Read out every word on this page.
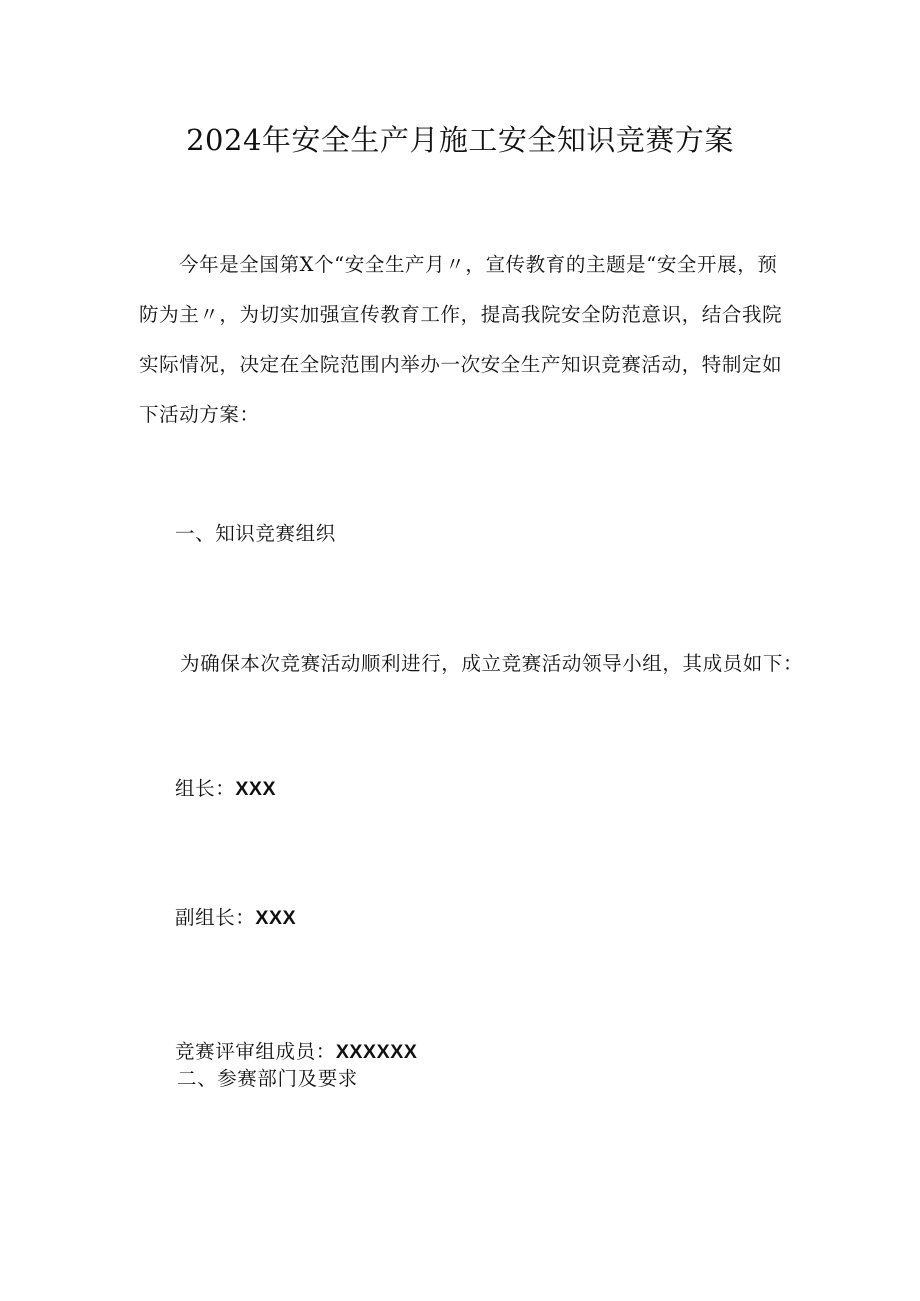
2024年安全生产月施工安全知识竞赛方案

今年是全国第X个“安全生产月〃，宣传教育的主题是“安全开展，预防为主〃，为切实加强宣传教育工作，提高我院安全防范意识，结合我院实际情况，决定在全院范围内举办一次安全生产知识竞赛活动，特制定如下活动方案：

一、知识竞赛组织

为确保本次竞赛活动顺利进行，成立竞赛活动领导小组，其成员如下：

组长：XXX

副组长：XXX

竞赛评审组成员：XXXXXX

二、参赛部门及要求
